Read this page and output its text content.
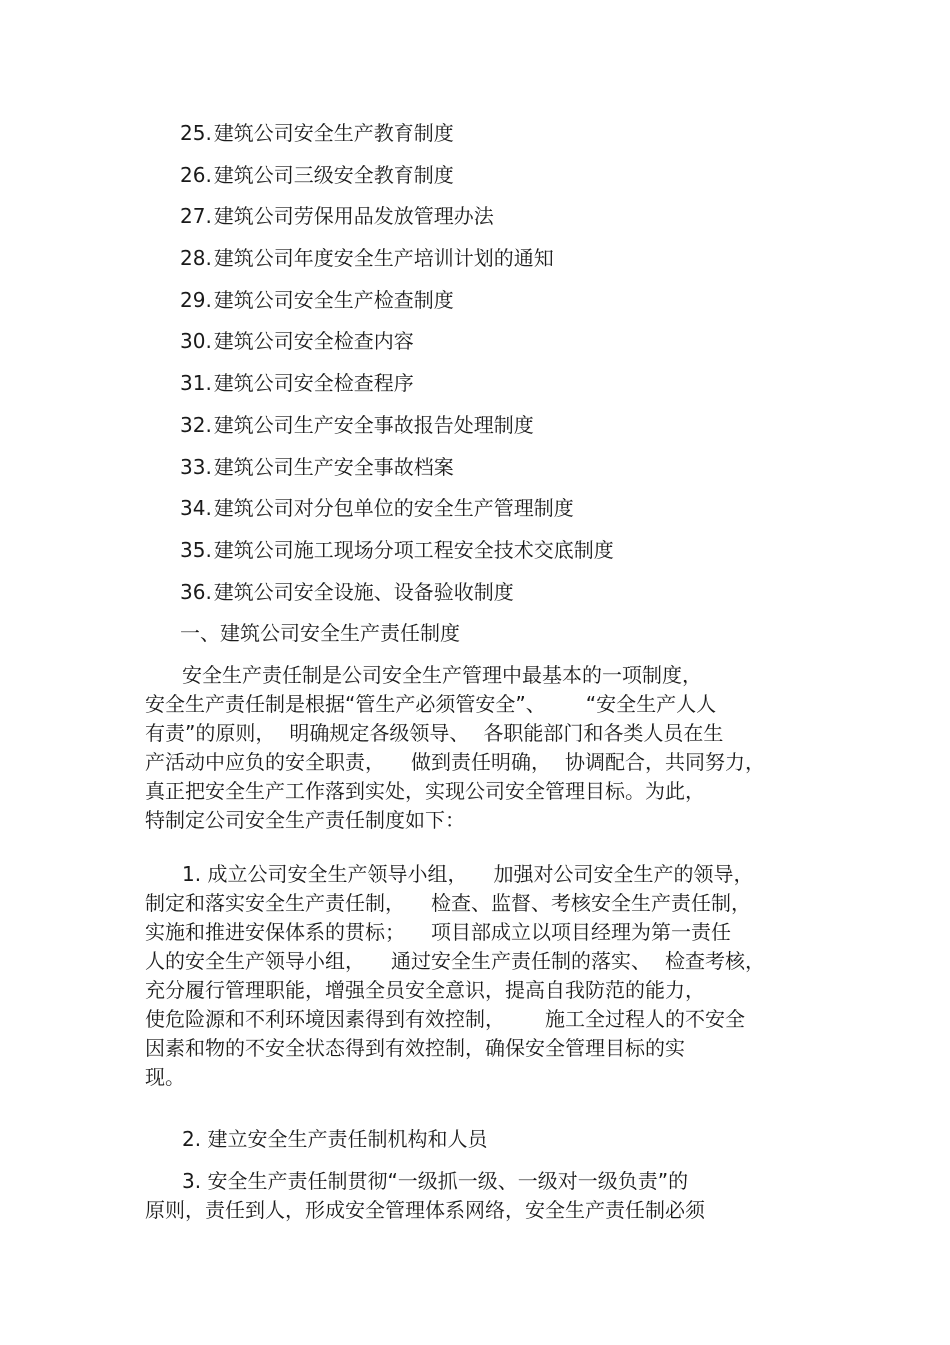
25. 建筑公司安全生产教育制度
26. 建筑公司三级安全教育制度
27. 建筑公司劳保用品发放管理办法
28. 建筑公司年度安全生产培训计划的通知
29. 建筑公司安全生产检查制度
30. 建筑公司安全检查内容
31. 建筑公司安全检查程序
32. 建筑公司生产安全事故报告处理制度
33. 建筑公司生产安全事故档案
34. 建筑公司对分包单位的安全生产管理制度
35. 建筑公司施工现场分项工程安全技术交底制度
36. 建筑公司安全设施、设备验收制度
一、建筑公司安全生产责任制度

安全生产责任制是公司安全生产管理中最基本的一项制度，
安全生产责任制是根据“管生产必须管安全”、 “安全生产人人
有责”的原则， 明确规定各级领导、 各职能部门和各类人员在生
产活动中应负的安全职责， 做到责任明确， 协调配合，共同努力，
真正把安全生产工作落到实处，实现公司安全管理目标。为此，
特制定公司安全生产责任制度如下：

1. 成立公司安全生产领导小组， 加强对公司安全生产的领导，
制定和落实安全生产责任制， 检查、监督、考核安全生产责任制，
实施和推进安保体系的贯标； 项目部成立以项目经理为第一责任
人的安全生产领导小组， 通过安全生产责任制的落实、 检查考核，
充分履行管理职能，增强全员安全意识，提高自我防范的能力，
使危险源和不利环境因素得到有效控制， 施工全过程人的不安全
因素和物的不安全状态得到有效控制，确保安全管理目标的实
现。

2. 建立安全生产责任制机构和人员

3. 安全生产责任制贯彻“一级抓一级、一级对一级负责”的
原则，责任到人，形成安全管理体系网络，安全生产责任制必须
